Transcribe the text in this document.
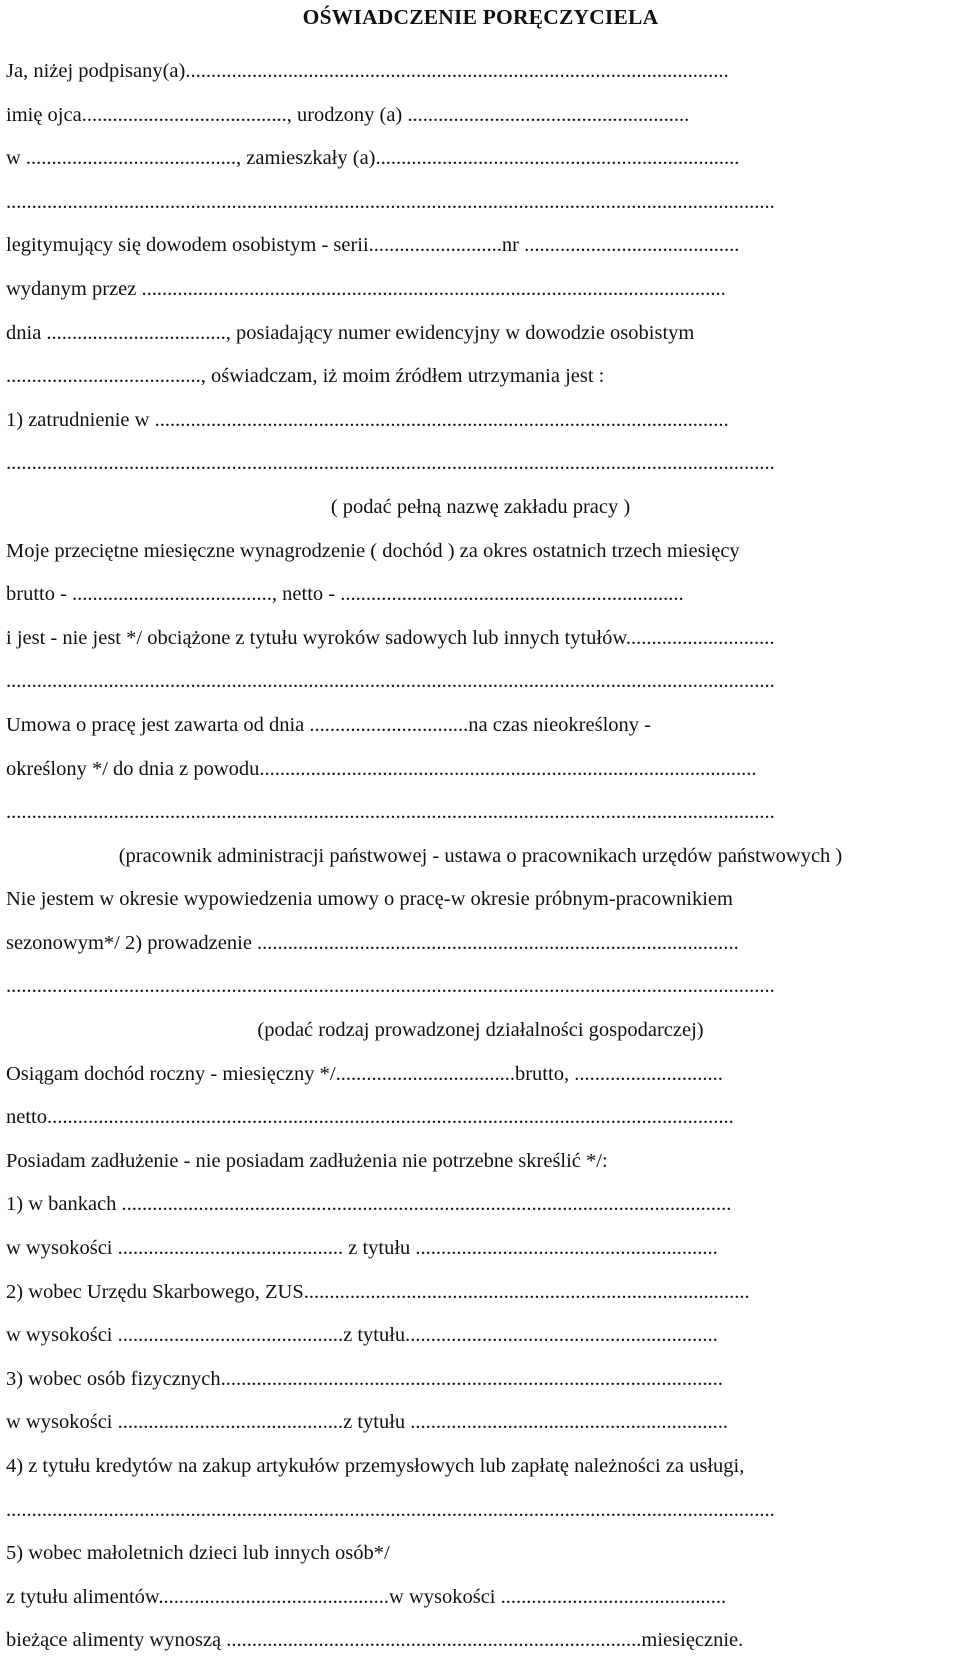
OŚWIADCZENIE PORĘCZYCIELA
Ja, niżej podpisany(a)..........................................................................................................
imię ojca........................................, urodzony (a) .......................................................
w ........................................., zamieszkały (a).......................................................................
......................................................................................................................................................
legitymujący się dowodem osobistym - serii..........................nr ..........................................
wydanym przez ..................................................................................................................
dnia ..................................., posiadający numer ewidencyjny w dowodzie osobistym
......................................, oświadczam, iż moim źródłem utrzymania jest :
1) zatrudnienie w ................................................................................................................
......................................................................................................................................................
( podać pełną nazwę zakładu pracy )
Moje przeciętne miesięczne wynagrodzenie ( dochód ) za okres ostatnich trzech miesięcy
brutto - ......................................., netto - ...................................................................
i jest - nie jest */ obciążone z tytułu wyroków sadowych lub innych tytułów.............................
......................................................................................................................................................
Umowa o pracę jest zawarta od dnia ...............................na czas nieokreślony -
określony */ do dnia z powodu.................................................................................................
......................................................................................................................................................
(pracownik administracji państwowej - ustawa o pracownikach urzędów państwowych )
Nie jestem w okresie wypowiedzenia umowy o pracę-w okresie próbnym-pracownikiem
sezonowym*/ 2) prowadzenie ..............................................................................................
......................................................................................................................................................
(podać rodzaj prowadzonej działalności gospodarczej)
Osiągam dochód roczny - miesięczny */...................................brutto, .............................
netto......................................................................................................................................
Posiadam zadłużenie - nie posiadam zadłużenia nie potrzebne skreślić */:
1) w bankach .......................................................................................................................
w wysokości ............................................ z tytułu ...........................................................
2) wobec Urzędu Skarbowego, ZUS.......................................................................................
w wysokości ............................................z tytułu.............................................................
3) wobec osób fizycznych..................................................................................................
w wysokości ............................................z tytułu ..............................................................
4) z tytułu kredytów na zakup artykułów przemysłowych lub zapłatę należności za usługi,
......................................................................................................................................................
5) wobec małoletnich dzieci lub innych osób*/
z tytułu alimentów.............................................w wysokości ............................................
bieżące alimenty wynoszą .................................................................................miesięcznie.
